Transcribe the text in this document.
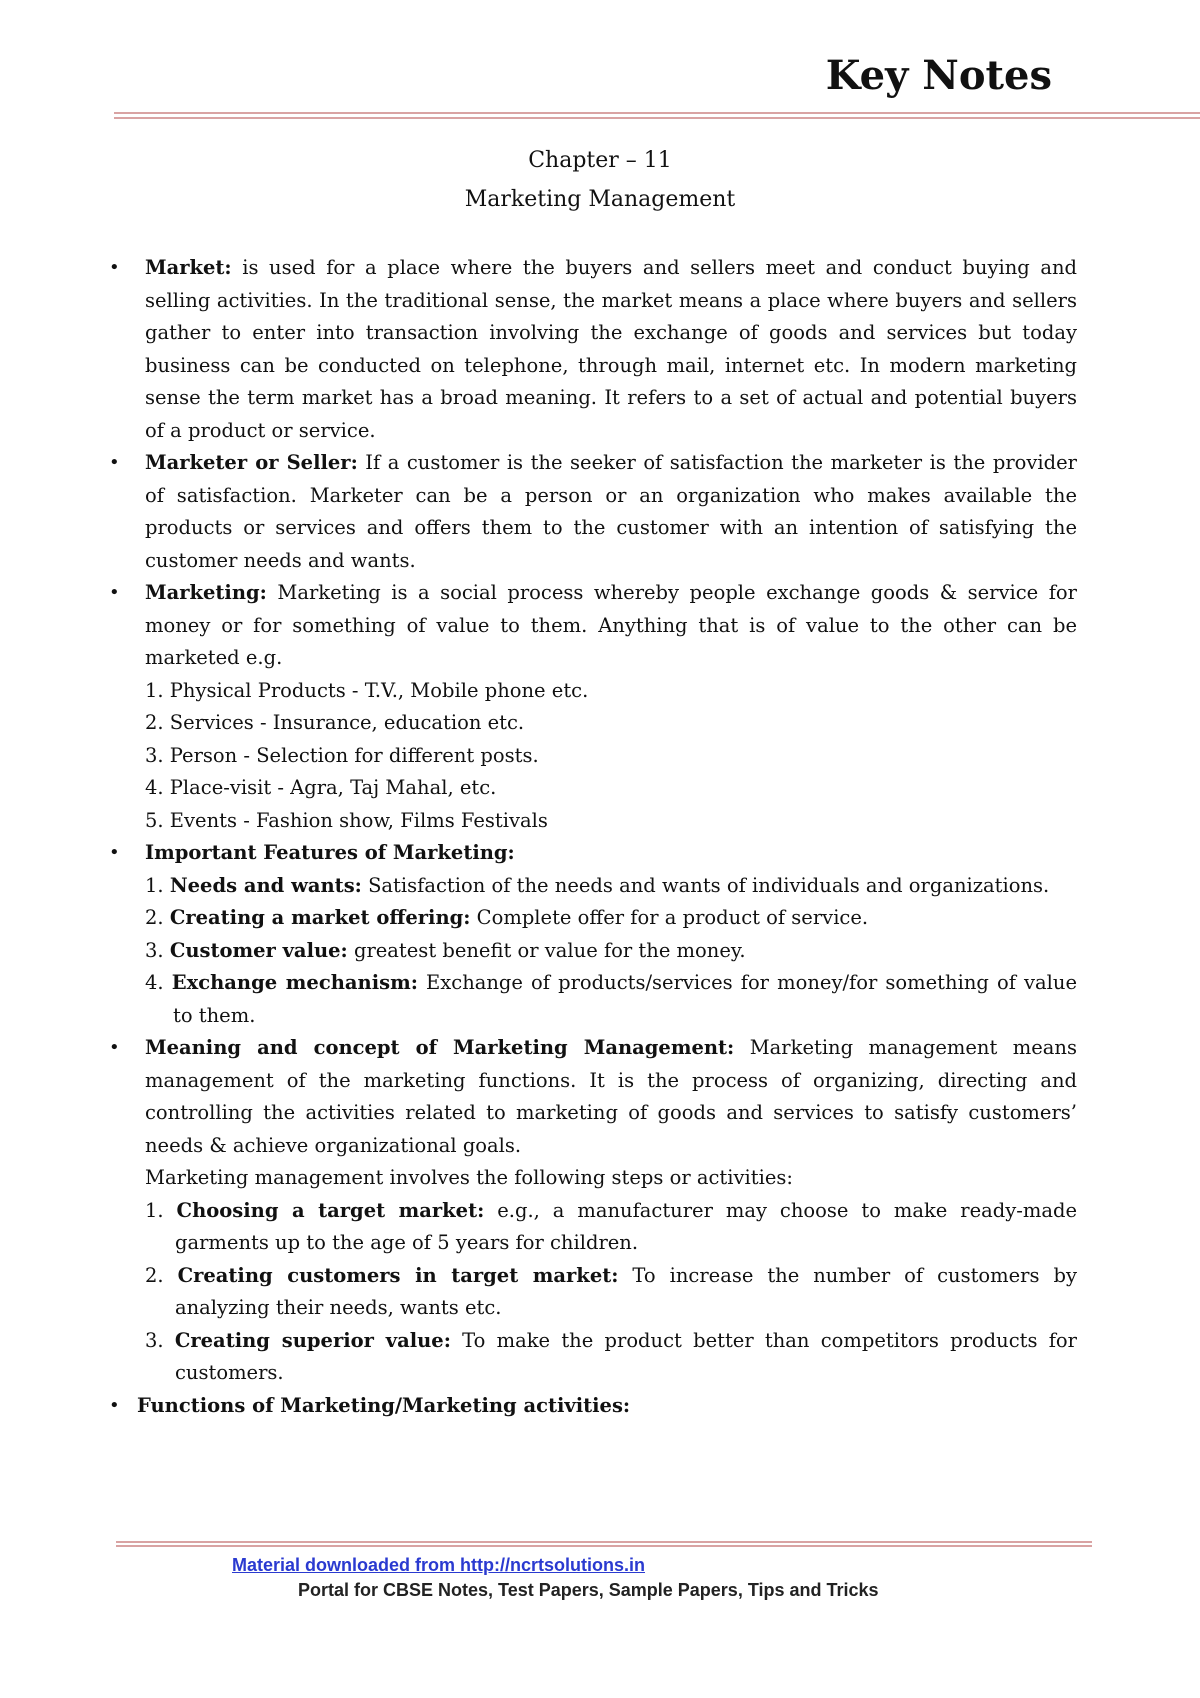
Key Notes
Chapter – 11
Marketing Management
• Market: is used for a place where the buyers and sellers meet and conduct buying and selling activities. In the traditional sense, the market means a place where buyers and sellers gather to enter into transaction involving the exchange of goods and services but today business can be conducted on telephone, through mail, internet etc. In modern marketing sense the term market has a broad meaning. It refers to a set of actual and potential buyers of a product or service.
• Marketer or Seller: If a customer is the seeker of satisfaction the marketer is the provider of satisfaction. Marketer can be a person or an organization who makes available the products or services and offers them to the customer with an intention of satisfying the customer needs and wants.
• Marketing: Marketing is a social process whereby people exchange goods & service for money or for something of value to them. Anything that is of value to the other can be marketed e.g.
1. Physical Products - T.V., Mobile phone etc.
2. Services - Insurance, education etc.
3. Person - Selection for different posts.
4. Place-visit - Agra, Taj Mahal, etc.
5. Events - Fashion show, Films Festivals
• Important Features of Marketing:
1. Needs and wants: Satisfaction of the needs and wants of individuals and organizations.
2. Creating a market offering: Complete offer for a product of service.
3. Customer value: greatest benefit or value for the money.
4. Exchange mechanism: Exchange of products/services for money/for something of value to them.
• Meaning and concept of Marketing Management: Marketing management means management of the marketing functions. It is the process of organizing, directing and controlling the activities related to marketing of goods and services to satisfy customers’ needs & achieve organizational goals.
Marketing management involves the following steps or activities:
1. Choosing a target market: e.g., a manufacturer may choose to make ready-made garments up to the age of 5 years for children.
2. Creating customers in target market: To increase the number of customers by analyzing their needs, wants etc.
3. Creating superior value: To make the product better than competitors products for customers.
• Functions of Marketing/Marketing activities:
Material downloaded from http://ncrtsolutions.in
Portal for CBSE Notes, Test Papers, Sample Papers, Tips and Tricks
